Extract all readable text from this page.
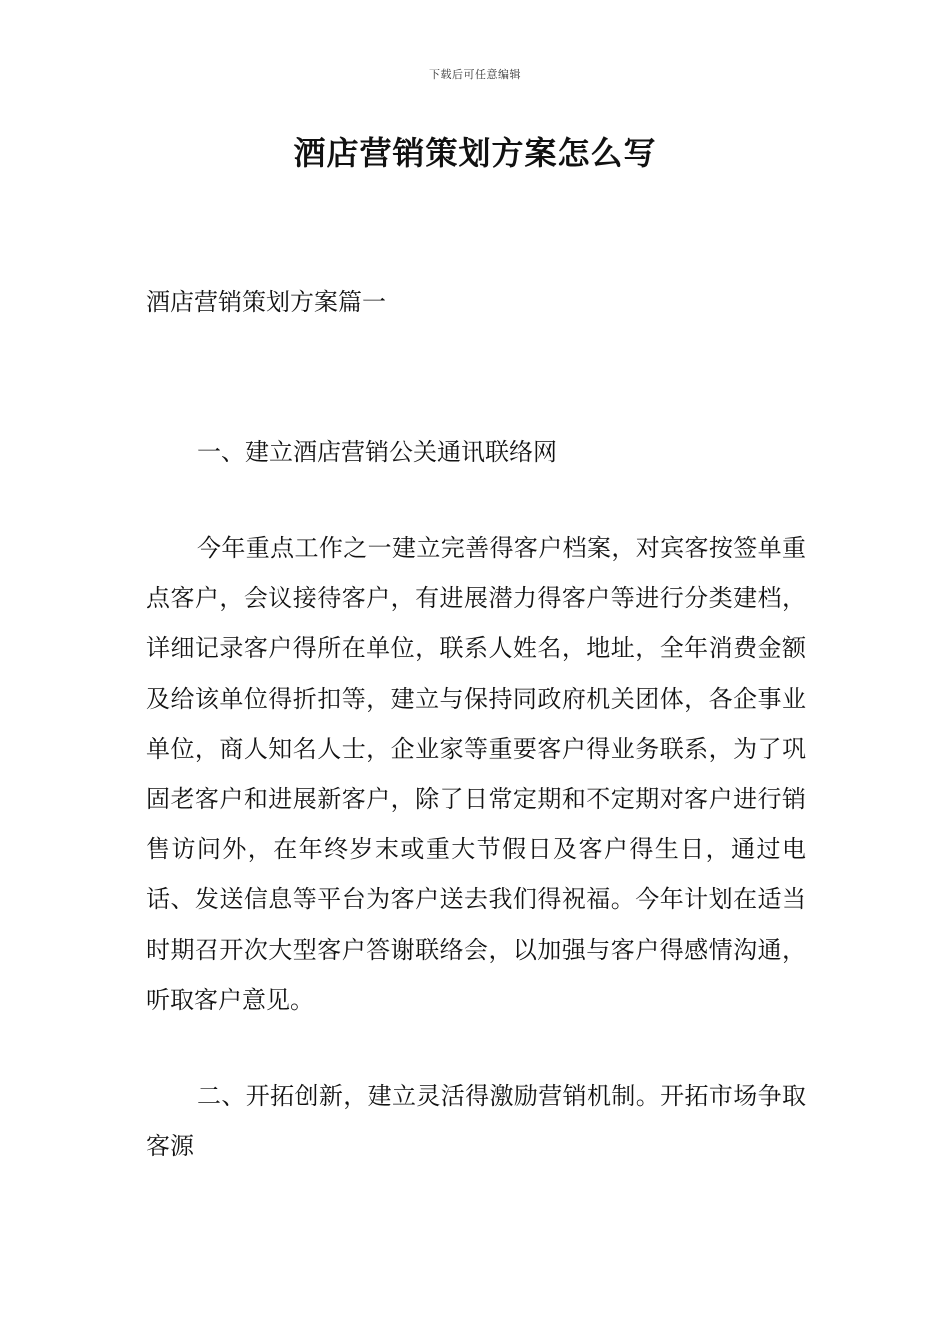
下载后可任意编辑
酒店营销策划方案怎么写

酒店营销策划方案篇一

一、建立酒店营销公关通讯联络网

今年重点工作之一建立完善得客户档案，对宾客按签单重点客户，会议接待客户，有进展潜力得客户等进行分类建档，详细记录客户得所在单位，联系人姓名，地址，全年消费金额及给该单位得折扣等，建立与保持同政府机关团体，各企事业单位，商人知名人士，企业家等重要客户得业务联系，为了巩固老客户和进展新客户，除了日常定期和不定期对客户进行销售访问外，在年终岁末或重大节假日及客户得生日，通过电话、发送信息等平台为客户送去我们得祝福。今年计划在适当时期召开次大型客户答谢联络会，以加强与客户得感情沟通，听取客户意见。

二、开拓创新，建立灵活得激励营销机制。开拓市场争取客源
